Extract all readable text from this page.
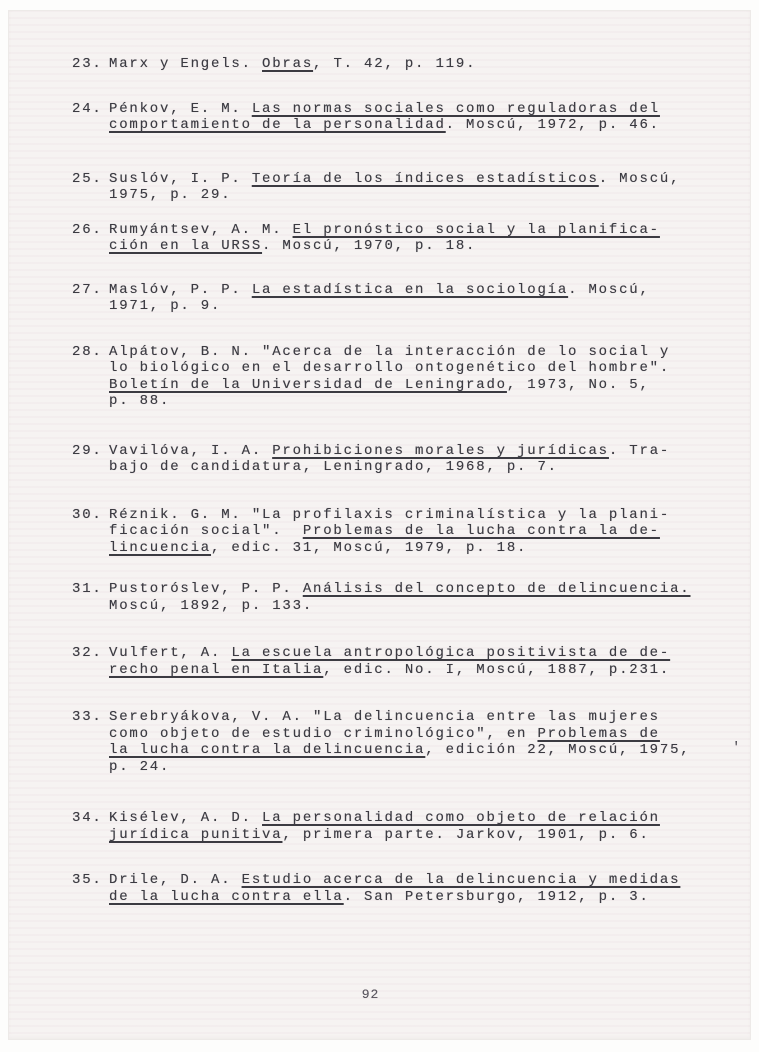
23. Marx y Engels. Obras, T. 42, p. 119.
24. Pénkov, E. M. Las normas sociales como reguladoras del
comportamiento de la personalidad. Moscú, 1972, p. 46.
25. Suslóv, I. P. Teoría de los índices estadísticos. Moscú,
1975, p. 29.
26. Rumyántsev, A. M. El pronóstico social y la planifica-
ción en la URSS. Moscú, 1970, p. 18.
27. Maslóv, P. P. La estadística en la sociología. Moscú,
1971, p. 9.
28. Alpátov, B. N. "Acerca de la interacción de lo social y
lo biológico en el desarrollo ontogenético del hombre".
Boletín de la Universidad de Leningrado, 1973, No. 5,
p. 88.
29. Vavilóva, I. A. Prohibiciones morales y jurídicas. Tra-
bajo de candidatura, Leningrado, 1968, p. 7.
30. Réznik. G. M. "La profilaxis criminalística y la plani-
ficación social".  Problemas de la lucha contra la de-
lincuencia, edic. 31, Moscú, 1979, p. 18.
31. Pustoróslev, P. P. Análisis del concepto de delincuencia.
Moscú, 1892, p. 133.
32. Vulfert, A. La escuela antropológica positivista de de-
recho penal en Italia, edic. No. I, Moscú, 1887, p.231.
33. Serebryákova, V. A. "La delincuencia entre las mujeres
como objeto de estudio criminológico", en Problemas de
la lucha contra la delincuencia, edición 22, Moscú, 1975,
p. 24.
34. Kisélev, A. D. La personalidad como objeto de relación
jurídica punitiva, primera parte. Jarkov, 1901, p. 6.
35. Drile, D. A. Estudio acerca de la delincuencia y medidas
de la lucha contra ella. San Petersburgo, 1912, p. 3.
92
'
